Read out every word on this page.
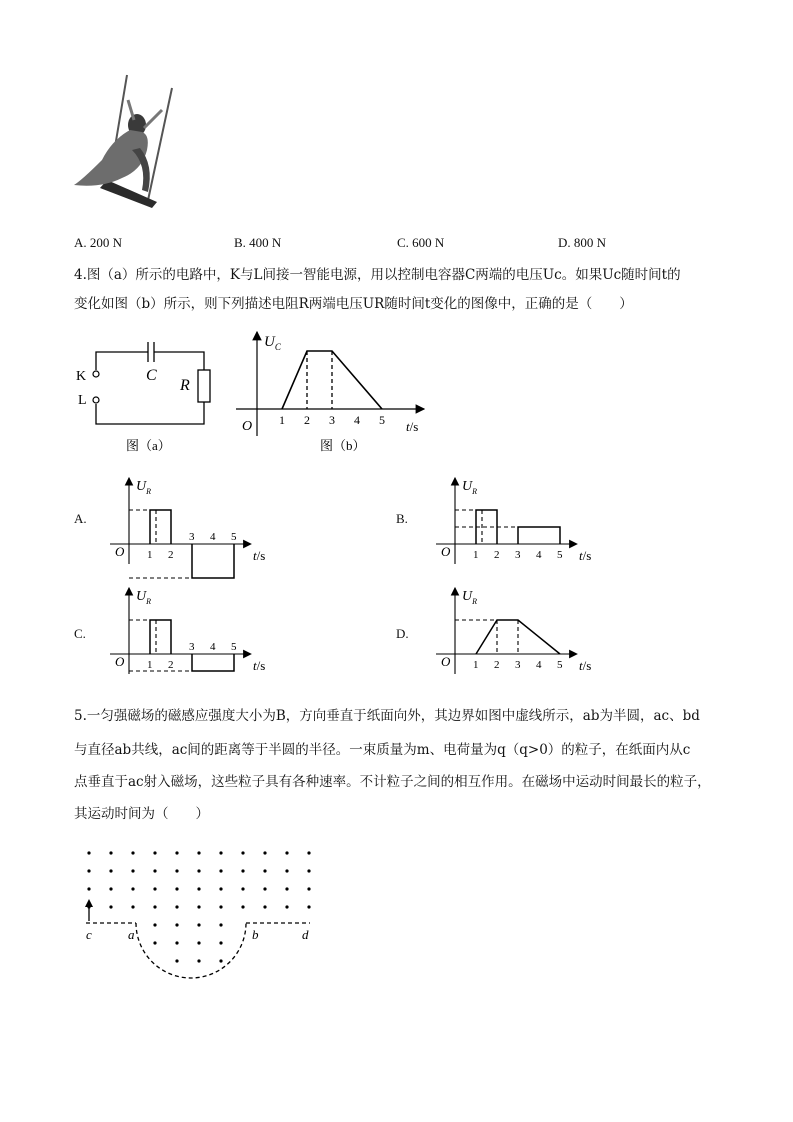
A. 200 N	B. 400 N	C. 600 N	D. 800 N
4.图（a）所示的电路中，K与L间接一智能电源，用以控制电容器C两端的电压Uc。如果Uc随时间t的
变化如图（b）所示，则下列描述电阻R两端电压UR随时间t变化的图像中，正确的是（　　）
K
L
C
R
图（a）
$U_C$
O	t/s
图（b）
1 2 3 4 5
A.	B.
C.	D.
$U_R$
O	t/s
1 2
3 4 5
$U_R$
O	t/s
1 2 3 4 5
$U_R$
O	t/s
1 2
3 4 5
$U_R$
O	t/s
1 2 3 4 5
5.一匀强磁场的磁感应强度大小为B，方向垂直于纸面向外，其边界如图中虚线所示，ab为半圆，ac、bd
与直径ab共线，ac间的距离等于半圆的半径。一束质量为m、电荷量为q（q>0）的粒子，在纸面内从c
点垂直于ac射入磁场，这些粒子具有各种速率。不计粒子之间的相互作用。在磁场中运动时间最长的粒子，
其运动时间为（　　）
c	a	b	d
